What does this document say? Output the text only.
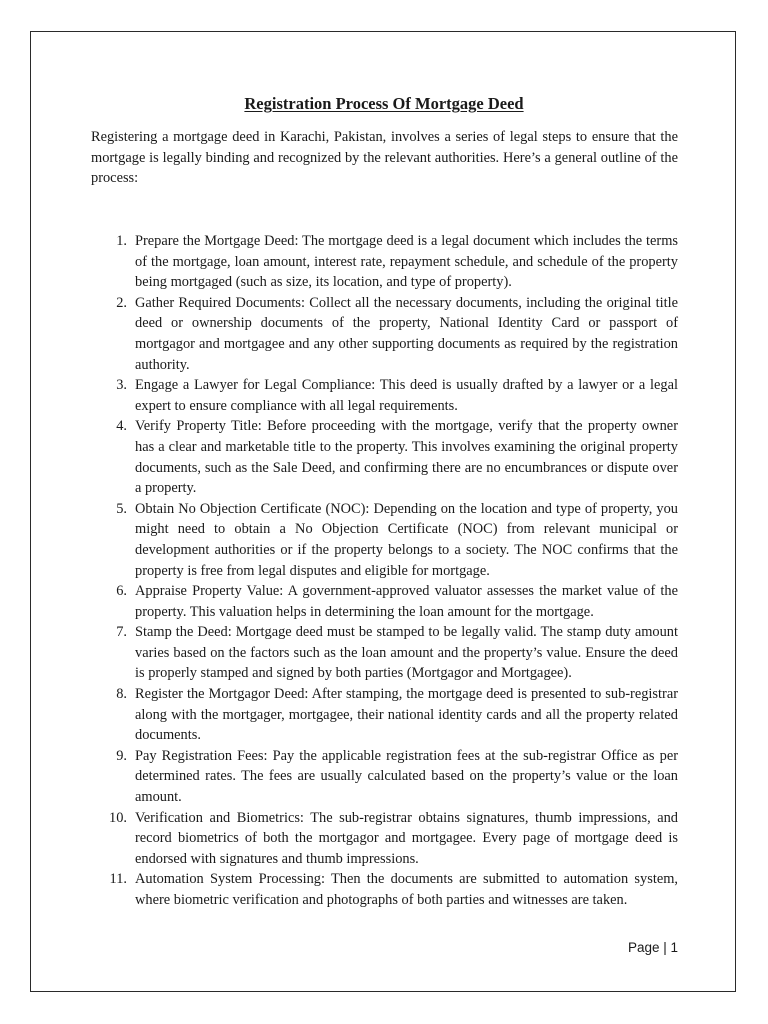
Registration Process Of Mortgage Deed

Registering a mortgage deed in Karachi, Pakistan, involves a series of legal steps to ensure that the mortgage is legally binding and recognized by the relevant authorities. Here’s a general outline of the process:

1. Prepare the Mortgage Deed: The mortgage deed is a legal document which includes the terms of the mortgage, loan amount, interest rate, repayment schedule, and schedule of the property being mortgaged (such as size, its location, and type of property).
2. Gather Required Documents: Collect all the necessary documents, including the original title deed or ownership documents of the property, National Identity Card or passport of mortgagor and mortgagee and any other supporting documents as required by the registration authority.
3. Engage a Lawyer for Legal Compliance: This deed is usually drafted by a lawyer or a legal expert to ensure compliance with all legal requirements.
4. Verify Property Title: Before proceeding with the mortgage, verify that the property owner has a clear and marketable title to the property. This involves examining the original property documents, such as the Sale Deed, and confirming there are no encumbrances or dispute over a property.
5. Obtain No Objection Certificate (NOC): Depending on the location and type of property, you might need to obtain a No Objection Certificate (NOC) from relevant municipal or development authorities or if the property belongs to a society. The NOC confirms that the property is free from legal disputes and eligible for mortgage.
6. Appraise Property Value: A government-approved valuator assesses the market value of the property. This valuation helps in determining the loan amount for the mortgage.
7. Stamp the Deed: Mortgage deed must be stamped to be legally valid. The stamp duty amount varies based on the factors such as the loan amount and the property’s value. Ensure the deed is properly stamped and signed by both parties (Mortgagor and Mortgagee).
8. Register the Mortgagor Deed: After stamping, the mortgage deed is presented to sub-registrar along with the mortgager, mortgagee, their national identity cards and all the property related documents.
9. Pay Registration Fees: Pay the applicable registration fees at the sub-registrar Office as per determined rates. The fees are usually calculated based on the property’s value or the loan amount.
10. Verification and Biometrics: The sub-registrar obtains signatures, thumb impressions, and record biometrics of both the mortgagor and mortgagee. Every page of mortgage deed is endorsed with signatures and thumb impressions.
11. Automation System Processing: Then the documents are submitted to automation system, where biometric verification and photographs of both parties and witnesses are taken.
Page | 1
